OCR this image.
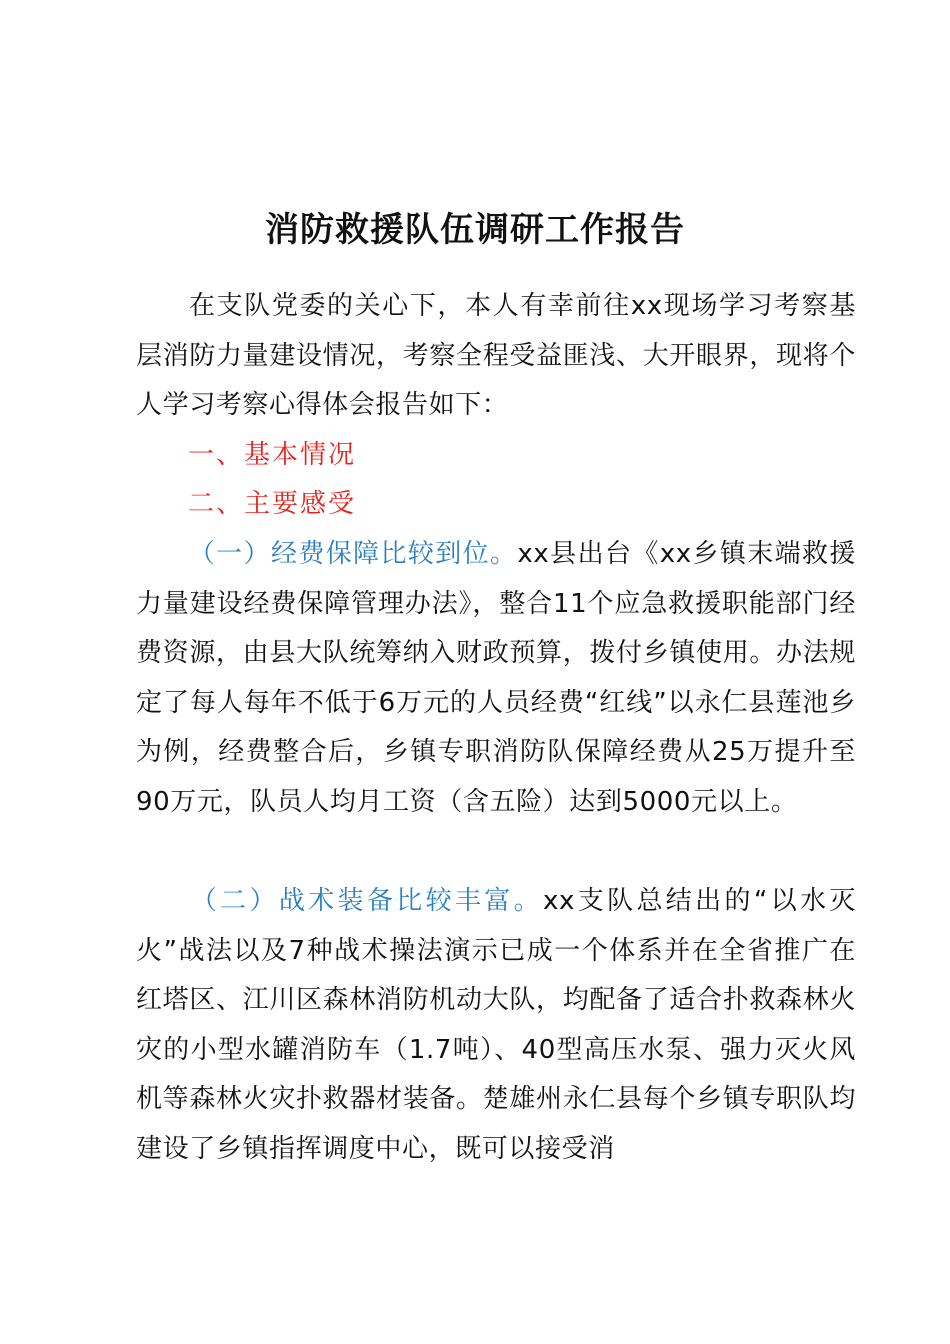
消防救援队伍调研工作报告
在支队党委的关心下，本人有幸前往xx现场学习考察基层消防力量建设情况，考察全程受益匪浅、大开眼界，现将个人学习考察心得体会报告如下：
一、基本情况
二、主要感受
（一）经费保障比较到位。xx县出台《xx乡镇末端救援力量建设经费保障管理办法》，整合11个应急救援职能部门经费资源，由县大队统筹纳入财政预算，拨付乡镇使用。办法规定了每人每年不低于6万元的人员经费“红线”以永仁县莲池乡为例，经费整合后，乡镇专职消防队保障经费从25万提升至90万元，队员人均月工资（含五险）达到5000元以上。
（二）战术装备比较丰富。xx支队总结出的“以水灭火”战法以及7种战术操法演示已成一个体系并在全省推广在红塔区、江川区森林消防机动大队，均配备了适合扑救森林火灾的小型水罐消防车（1.7吨）、40型高压水泵、强力灭火风机等森林火灾扑救器材装备。楚雄州永仁县每个乡镇专职队均建设了乡镇指挥调度中心，既可以接受消
